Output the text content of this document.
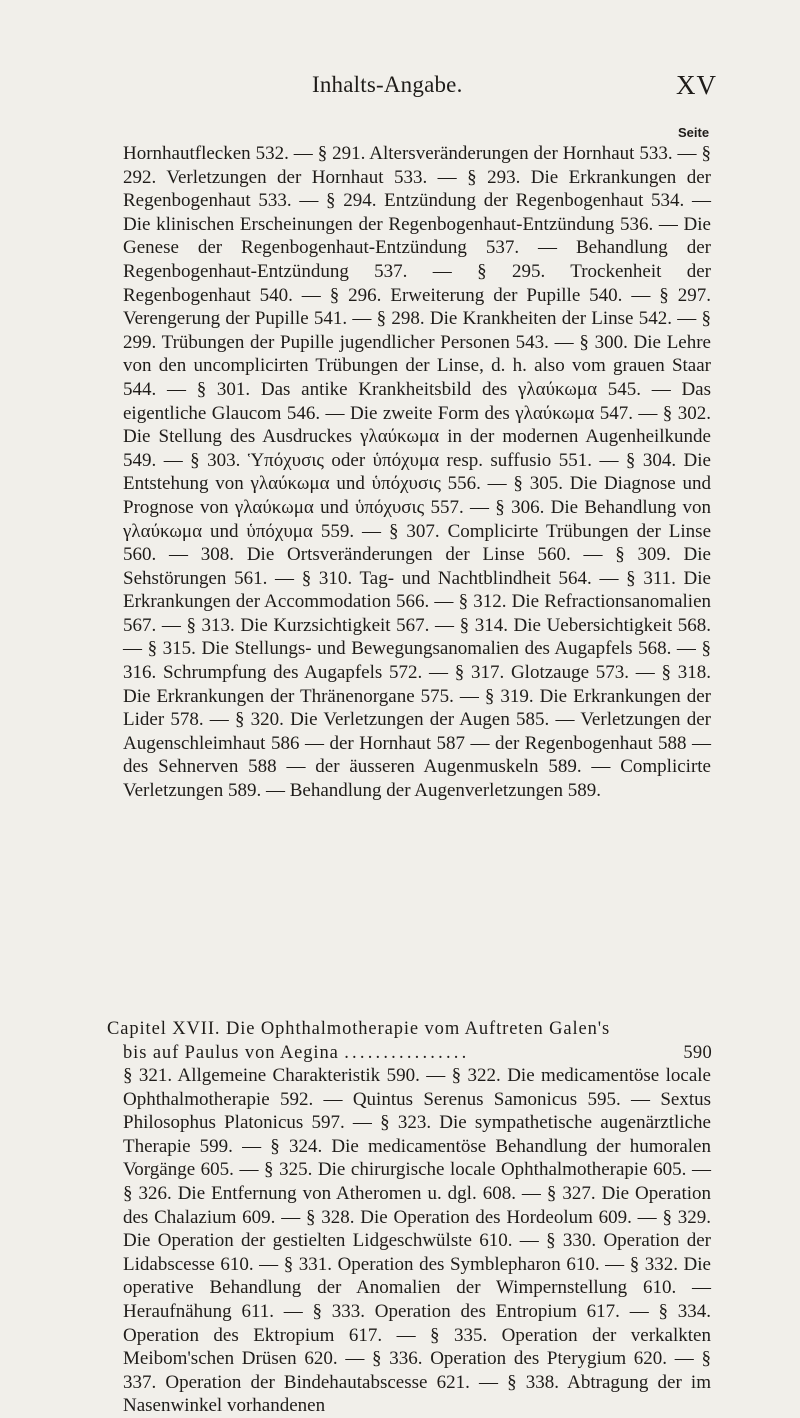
Inhalts-Angabe.	XV
Seite

Hornhautflecken 532. — § 291. Altersveränderungen der Hornhaut 533. — § 292. Verletzungen der Hornhaut 533. — § 293. Die Erkrankungen der Regenbogenhaut 533. — § 294. Entzündung der Regenbogenhaut 534. — Die klinischen Erscheinungen der Regenbogenhaut-Entzündung 536. — Die Genese der Regenbogenhaut-Entzündung 537. — Behandlung der Regenbogenhaut-Entzündung 537. — § 295. Trockenheit der Regenbogenhaut 540. — § 296. Erweiterung der Pupille 540. — § 297. Verengerung der Pupille 541. — § 298. Die Krankheiten der Linse 542. — § 299. Trübungen der Pupille jugendlicher Personen 543. — § 300. Die Lehre von den uncomplicirten Trübungen der Linse, d. h. also vom grauen Staar 544. — § 301. Das antike Krankheitsbild des γλαύκωμα 545. — Das eigentliche Glaucom 546. — Die zweite Form des γλαύκωμα 547. — § 302. Die Stellung des Ausdruckes γλαύκωμα in der modernen Augenheilkunde 549. — § 303. Ὑπόχυσις oder ὑπόχυμα resp. suffusio 551. — § 304. Die Entstehung von γλαύκωμα und ὑπόχυσις 556. — § 305. Die Diagnose und Prognose von γλαύκωμα und ὑπόχυσις 557. — § 306. Die Behandlung von γλαύκωμα und ὑπόχυμα 559. — § 307. Complicirte Trübungen der Linse 560. — 308. Die Ortsveränderungen der Linse 560. — § 309. Die Sehstörungen 561. — § 310. Tag- und Nachtblindheit 564. — § 311. Die Erkrankungen der Accommodation 566. — § 312. Die Refractionsanomalien 567. — § 313. Die Kurzsichtigkeit 567. — § 314. Die Uebersichtigkeit 568. — § 315. Die Stellungs- und Bewegungsanomalien des Augapfels 568. — § 316. Schrumpfung des Augapfels 572. — § 317. Glotzauge 573. — § 318. Die Erkrankungen der Thränenorgane 575. — § 319. Die Erkrankungen der Lider 578. — § 320. Die Verletzungen der Augen 585. — Verletzungen der Augenschleimhaut 586 — der Hornhaut 587 — der Regenbogenhaut 588 — des Sehnerven 588 — der äusseren Augenmuskeln 589. — Complicirte Verletzungen 589. — Behandlung der Augenverletzungen 589.

Capitel XVII. Die Ophthalmotherapie vom Auftreten Galen's
bis auf Paulus von Aegina ................	590

§ 321. Allgemeine Charakteristik 590. — § 322. Die medicamentöse locale Ophthalmotherapie 592. — Quintus Serenus Samonicus 595. — Sextus Philosophus Platonicus 597. — § 323. Die sympathetische augenärztliche Therapie 599. — § 324. Die medicamentöse Behandlung der humoralen Vorgänge 605. — § 325. Die chirurgische locale Ophthalmotherapie 605. — § 326. Die Entfernung von Atheromen u. dgl. 608. — § 327. Die Operation des Chalazium 609. — § 328. Die Operation des Hordeolum 609. — § 329. Die Operation der gestielten Lidgeschwülste 610. — § 330. Operation der Lidabscesse 610. — § 331. Operation des Symblepharon 610. — § 332. Die operative Behandlung der Anomalien der Wimpernstellung 610. — Heraufnähung 611. — § 333. Operation des Entropium 617. — § 334. Operation des Ektropium 617. — § 335. Operation der verkalkten Meibom'schen Drüsen 620. — § 336. Operation des Pterygium 620. — § 337. Operation der Bindehautabscesse 621. — § 338. Abtragung der im Nasenwinkel vorhandenen
